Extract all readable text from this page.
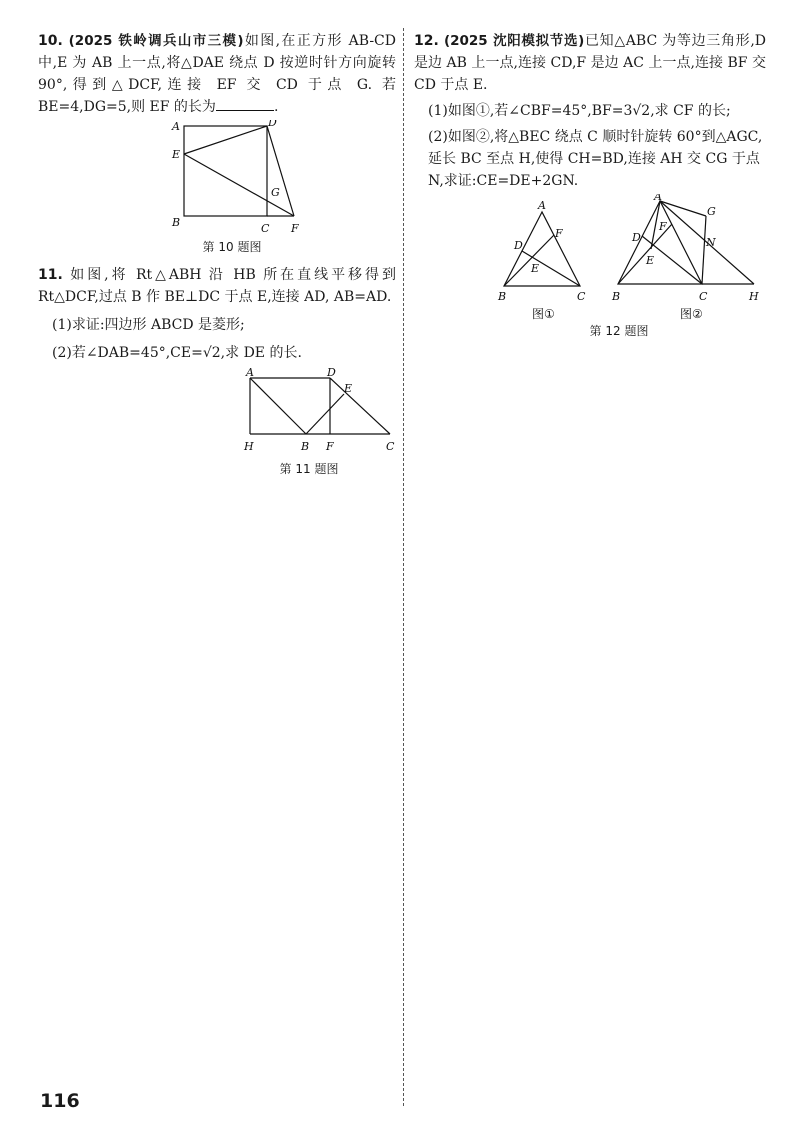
10. (2025 铁岭调兵山市三模)如图,在正方形 AB-CD 中,E 为 AB 上一点,将△DAE 绕点 D 按逆时针方向旋转 90°,得到△DCF,连接 EF 交 CD 于点 G. 若 BE=4,DG=5,则 EF 的长为	.
A	D
E
G
B	C F
第 10 题图
11. 如图,将 Rt△ABH 沿 HB 所在直线平移得到 Rt△DCF,过点 B 作 BE⊥DC 于点 E,连接 AD, AB=AD.
(1)求证:四边形 ABCD 是菱形;
(2)若∠DAB=45°,CE=√2,求 DE 的长.
A	D
E
H	B F	C
第 11 题图
12. (2025 沈阳模拟节选)已知△ABC 为等边三角形,D 是边 AB 上一点,连接 CD,F 是边 AC 上一点,连接 BF 交 CD 于点 E.
(1)如图①,若∠CBF=45°,BF=3√2,求 CF 的长;
(2)如图②,将△BEC 绕点 C 顺时针旋转 60°到△AGC,延长 BC 至点 H,使得 CH=BD,连接 AH 交 CG 于点 N,求证:CE=DE+2GN.
A
D
F
E
B	C
图①
A
G
F
N
D
E
B	C	H
图②
第 12 题图
116
